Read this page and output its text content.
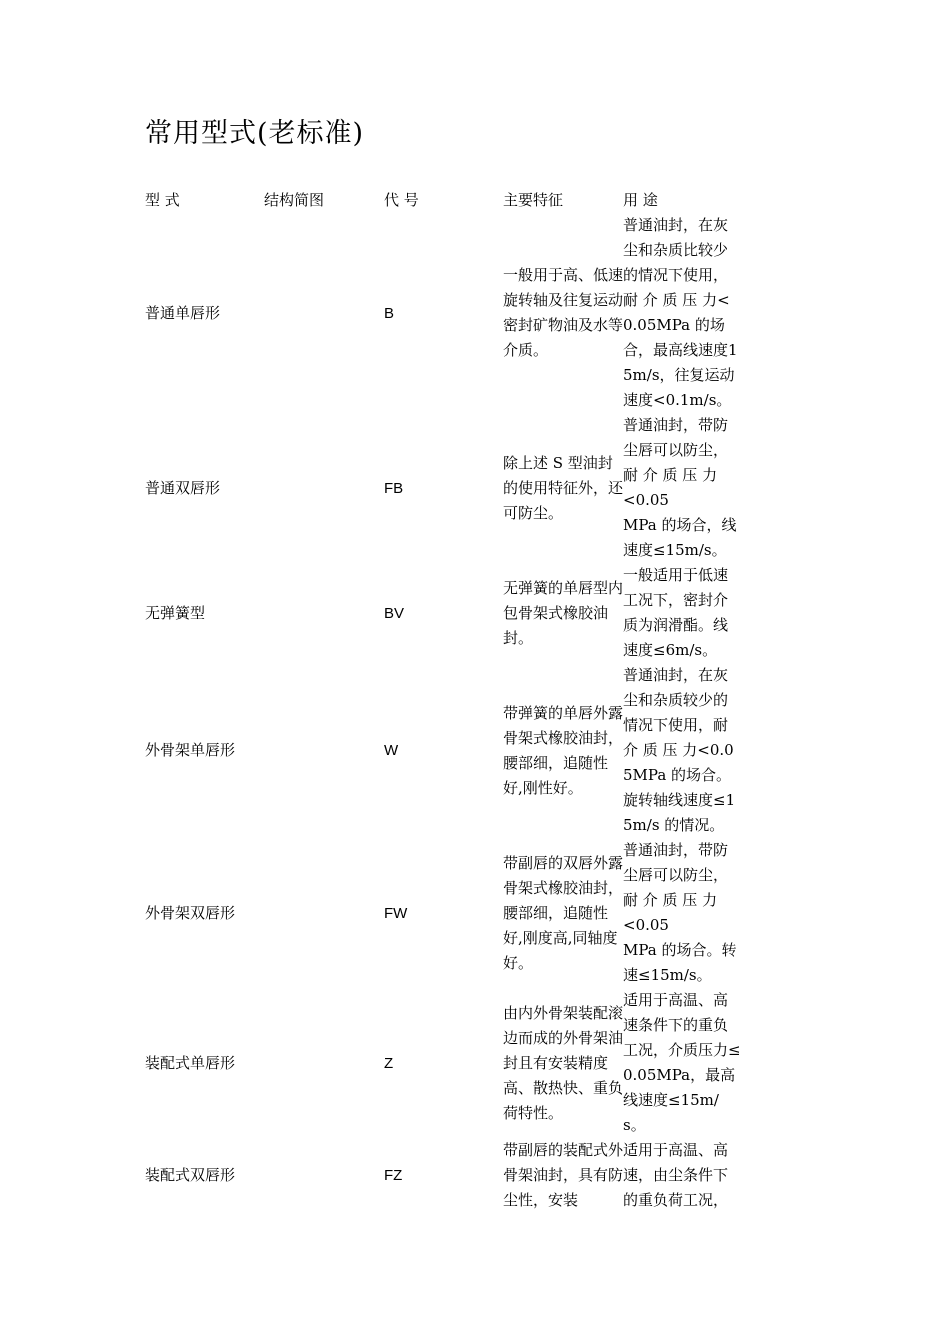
常用型式(老标准)
型 式	结构简图	代 号	主要特征	用 途
普通单唇形		B	一般用于高、低速旋转轴及往复运动密封矿物油及水等介质。	普通油封，在灰尘和杂质比较少的情况下使用，耐 介 质 压 力<0.05MPa 的场合，最高线速度15m/s，往复运动速度<0.1m/s。

普通双唇形		FB	除上述 S 型油封的使用特征外，还可防尘。	普通油封，带防尘唇可以防尘，耐 介 质 压 力
<0.05
MPa 的场合，线速度≤15m/s。

无弹簧型		BV	无弹簧的单唇型内包骨架式橡胶油封。	一般适用于低速工况下，密封介质为润滑酯。线速度≤6m/s。

外骨架单唇形		W	带弹簧的单唇外露骨架式橡胶油封，腰部细，追随性好,刚性好。	普通油封，在灰尘和杂质较少的情况下使用，耐介 质 压 力<0.05MPa 的场合。旋转轴线速度≤15m/s 的情况。

外骨架双唇形		FW	带副唇的双唇外露骨架式橡胶油封，腰部细，追随性好,刚度高,同轴度好。	普通油封，带防尘唇可以防尘，耐 介 质 压 力
<0.05
MPa 的场合。转速≤15m/s。

装配式单唇形		Z	由内外骨架装配滚边而成的外骨架油封且有安装精度高、散热快、重负荷特性。	适用于高温、高速条件下的重负工况，介质压力≤0.05MPa，最高线速度≤15m/s。

装配式双唇形		FZ	带副唇的装配式外骨架油封，具有防尘性，安装	适用于高温、高速，由尘条件下的重负荷工况，
